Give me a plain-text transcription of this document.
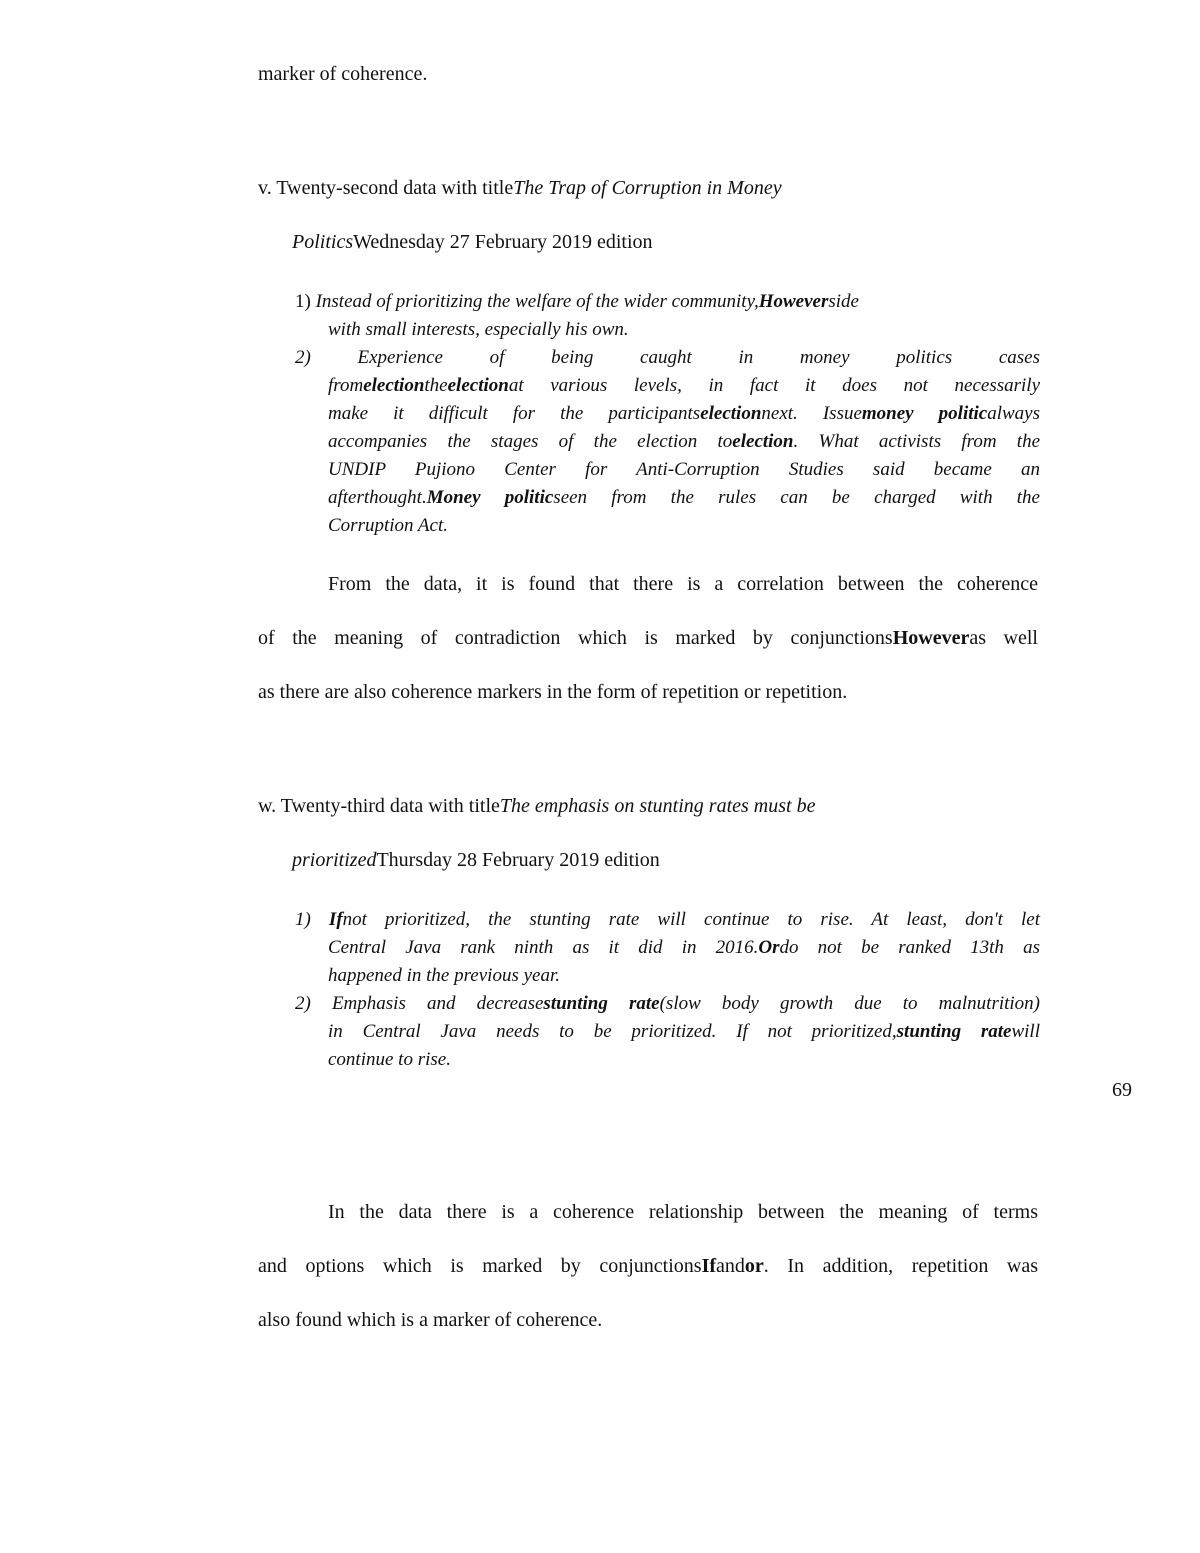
marker of coherence.
v. Twenty-second data with titleThe Trap of Corruption in Money
PoliticsWednesday 27 February 2019 edition
1) Instead of prioritizing the welfare of the wider community,Howeverside
with small interests, especially his own.
2) Experience of being caught in money politics cases
fromelectiontheelectionat various levels, in fact it does not necessarily
make it difficult for the participantselectionnext. Issuemoney politicalways
accompanies the stages of the election toelection. What activists from the
UNDIP Pujiono Center for Anti-Corruption Studies said became an
afterthought.Money politicseen from the rules can be charged with the
Corruption Act.
From the data, it is found that there is a correlation between the coherence
of the meaning of contradiction which is marked by conjunctionsHoweveras well
as there are also coherence markers in the form of repetition or repetition.
w. Twenty-third data with titleThe emphasis on stunting rates must be
prioritizedThursday 28 February 2019 edition
1) Ifnot prioritized, the stunting rate will continue to rise. At least, don't let
Central Java rank ninth as it did in 2016.Ordo not be ranked 13th as
happened in the previous year.
2) Emphasis and decreasestunting rate(slow body growth due to malnutrition)
in Central Java needs to be prioritized. If not prioritized,stunting ratewill
continue to rise.
69
In the data there is a coherence relationship between the meaning of terms
and options which is marked by conjunctionsIfandor. In addition, repetition was
also found which is a marker of coherence.
